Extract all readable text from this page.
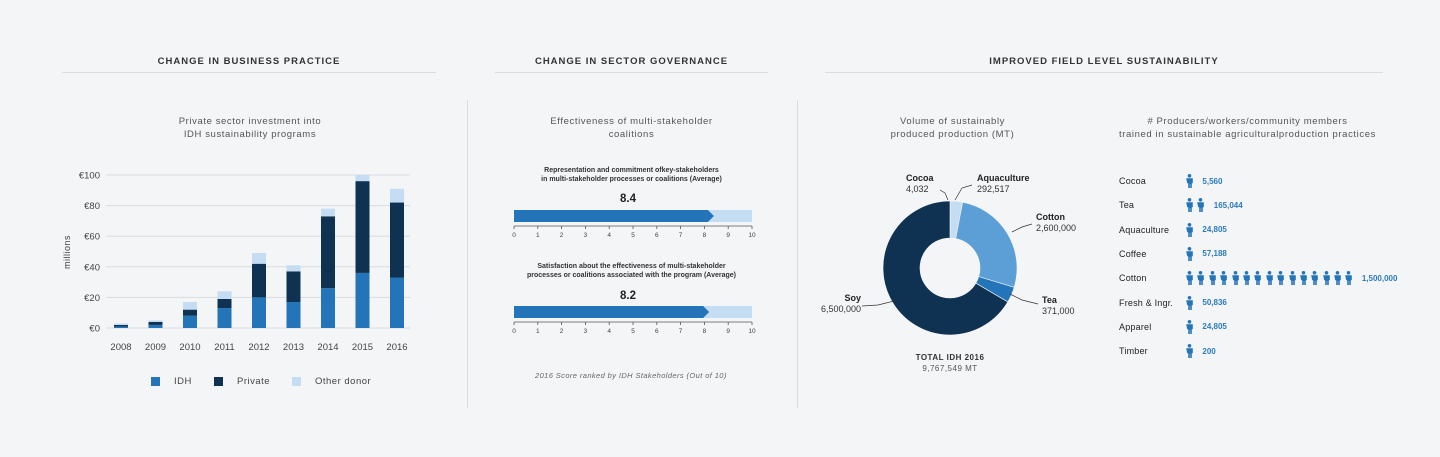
CHANGE IN BUSINESS PRACTICE	CHANGE IN SECTOR GOVERNANCE	IMPROVED FIELD LEVEL SUSTAINABILITY
Private sector investment into
IDH sustainability programs
€0
€20
€40
€60
€80
€100
millions
2008 2009 2010 2011 2012 2013 2014 2015 2016
IDH	Private	Other donor
Effectiveness of multi-stakeholder
coalitions
Representation and commitment ofkey-stakeholders
in multi-stakeholder processes or coalitions (Average)
8.4
Satisfaction about the effectiveness of multi-stakeholder
processes or coalitions associated with the program (Average)
8.2
0	1	2	3	4	5	6	7	8	9	10
0	1	2	3	4	5	6	7	8	9	10
2016 Score ranked by IDH Stakeholders (Out of 10)
Volume of sustainably
produced production (MT)
Cocoa
4,032
Aquaculture
292,517
Cotton
2,600,000
Tea
371,000
Soy
6,500,000
TOTAL IDH 2016
9,767,549 MT
# Producers/workers/community members
trained in sustainable agriculturalproduction practices
Cocoa	5,560
Tea	165,044
Aquaculture	24,805
Coffee	57,188
Cotton	1,500,000
Fresh & Ingr.	50,836
Apparel	24,805
Timber	200
